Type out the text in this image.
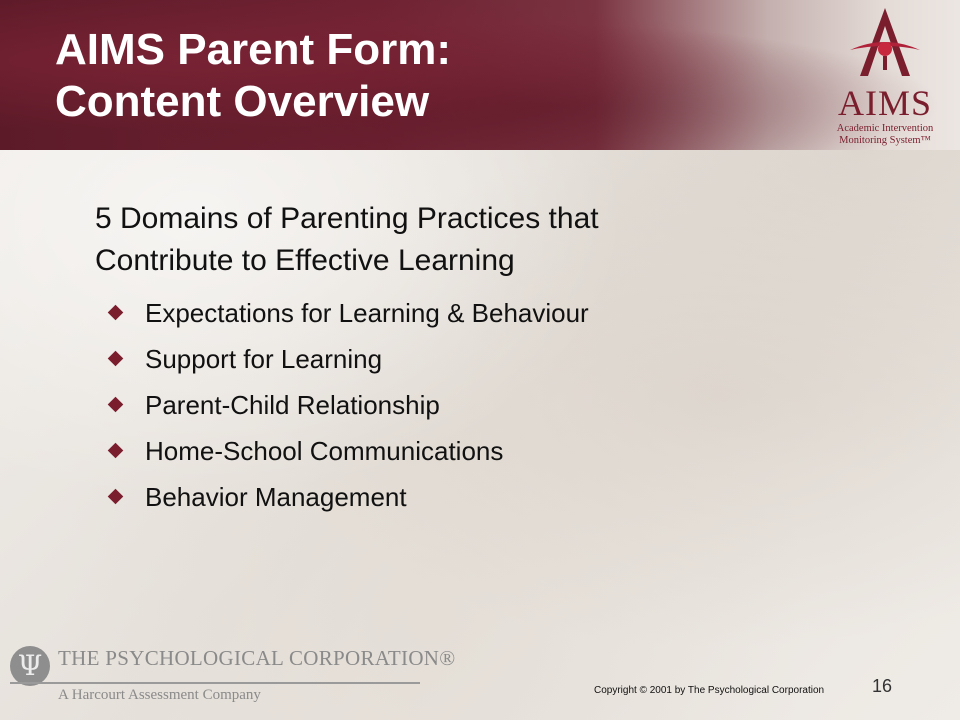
AIMS Parent Form:
Content Overview	AIMS
Academic Intervention
Monitoring System™
5 Domains of Parenting Practices that
Contribute to Effective Learning
Expectations for Learning & Behaviour
Support for Learning
Parent-Child Relationship
Home-School Communications
Behavior Management
Ψ THE PSYCHOLOGICAL CORPORATION®
A Harcourt Assessment Company	Copyright © 2001 by The Psychological Corporation	16
